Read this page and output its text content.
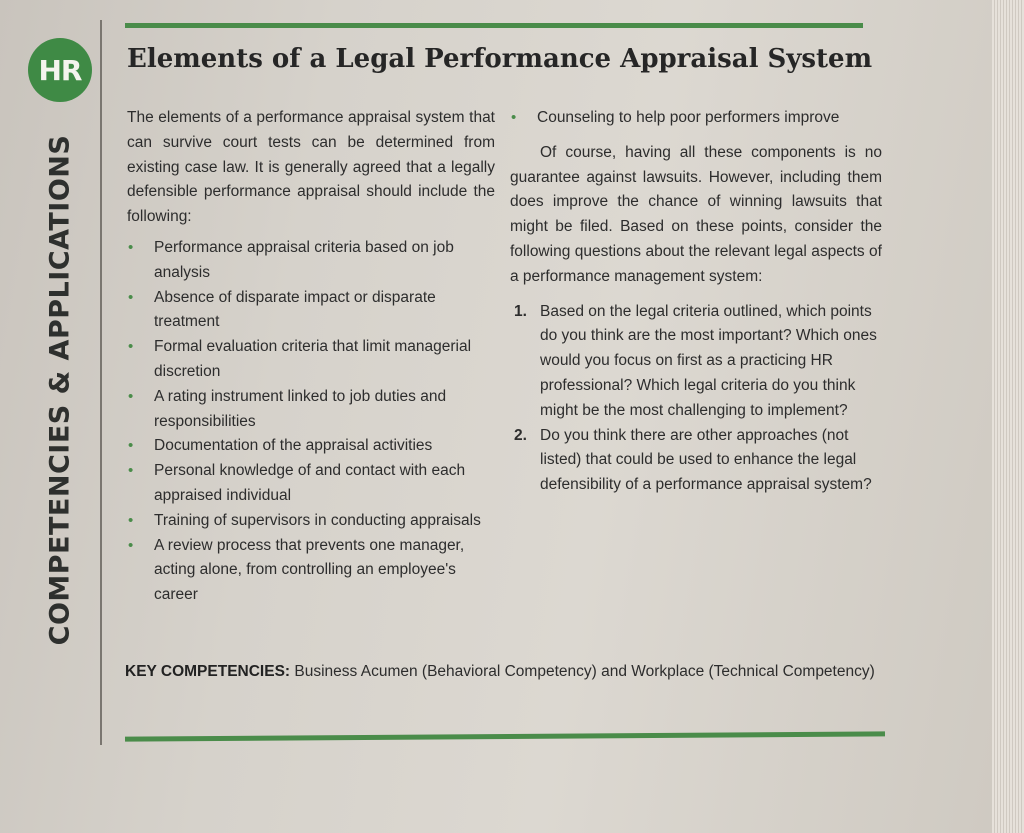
HR
COMPETENCIES & APPLICATIONS
Elements of a Legal Performance Appraisal System

The elements of a performance appraisal system that can survive court tests can be determined from existing case law. It is generally agreed that a legally defensible performance appraisal should include the following:

• Performance appraisal criteria based on job analysis
• Absence of disparate impact or disparate treatment
• Formal evaluation criteria that limit managerial discretion
• A rating instrument linked to job duties and responsibilities
• Documentation of the appraisal activities
• Personal knowledge of and contact with each appraised individual
• Training of supervisors in conducting appraisals
• A review process that prevents one manager, acting alone, from controlling an employee's career
• Counseling to help poor performers improve

Of course, having all these components is no guarantee against lawsuits. However, including them does improve the chance of winning lawsuits that might be filed. Based on these points, consider the following questions about the relevant legal aspects of a performance management system:

1. Based on the legal criteria outlined, which points do you think are the most important? Which ones would you focus on first as a practicing HR professional? Which legal criteria do you think might be the most challenging to implement?
2. Do you think there are other approaches (not listed) that could be used to enhance the legal defensibility of a performance appraisal system?
KEY COMPETENCIES: Business Acumen (Behavioral Competency) and Workplace (Technical Competency)
